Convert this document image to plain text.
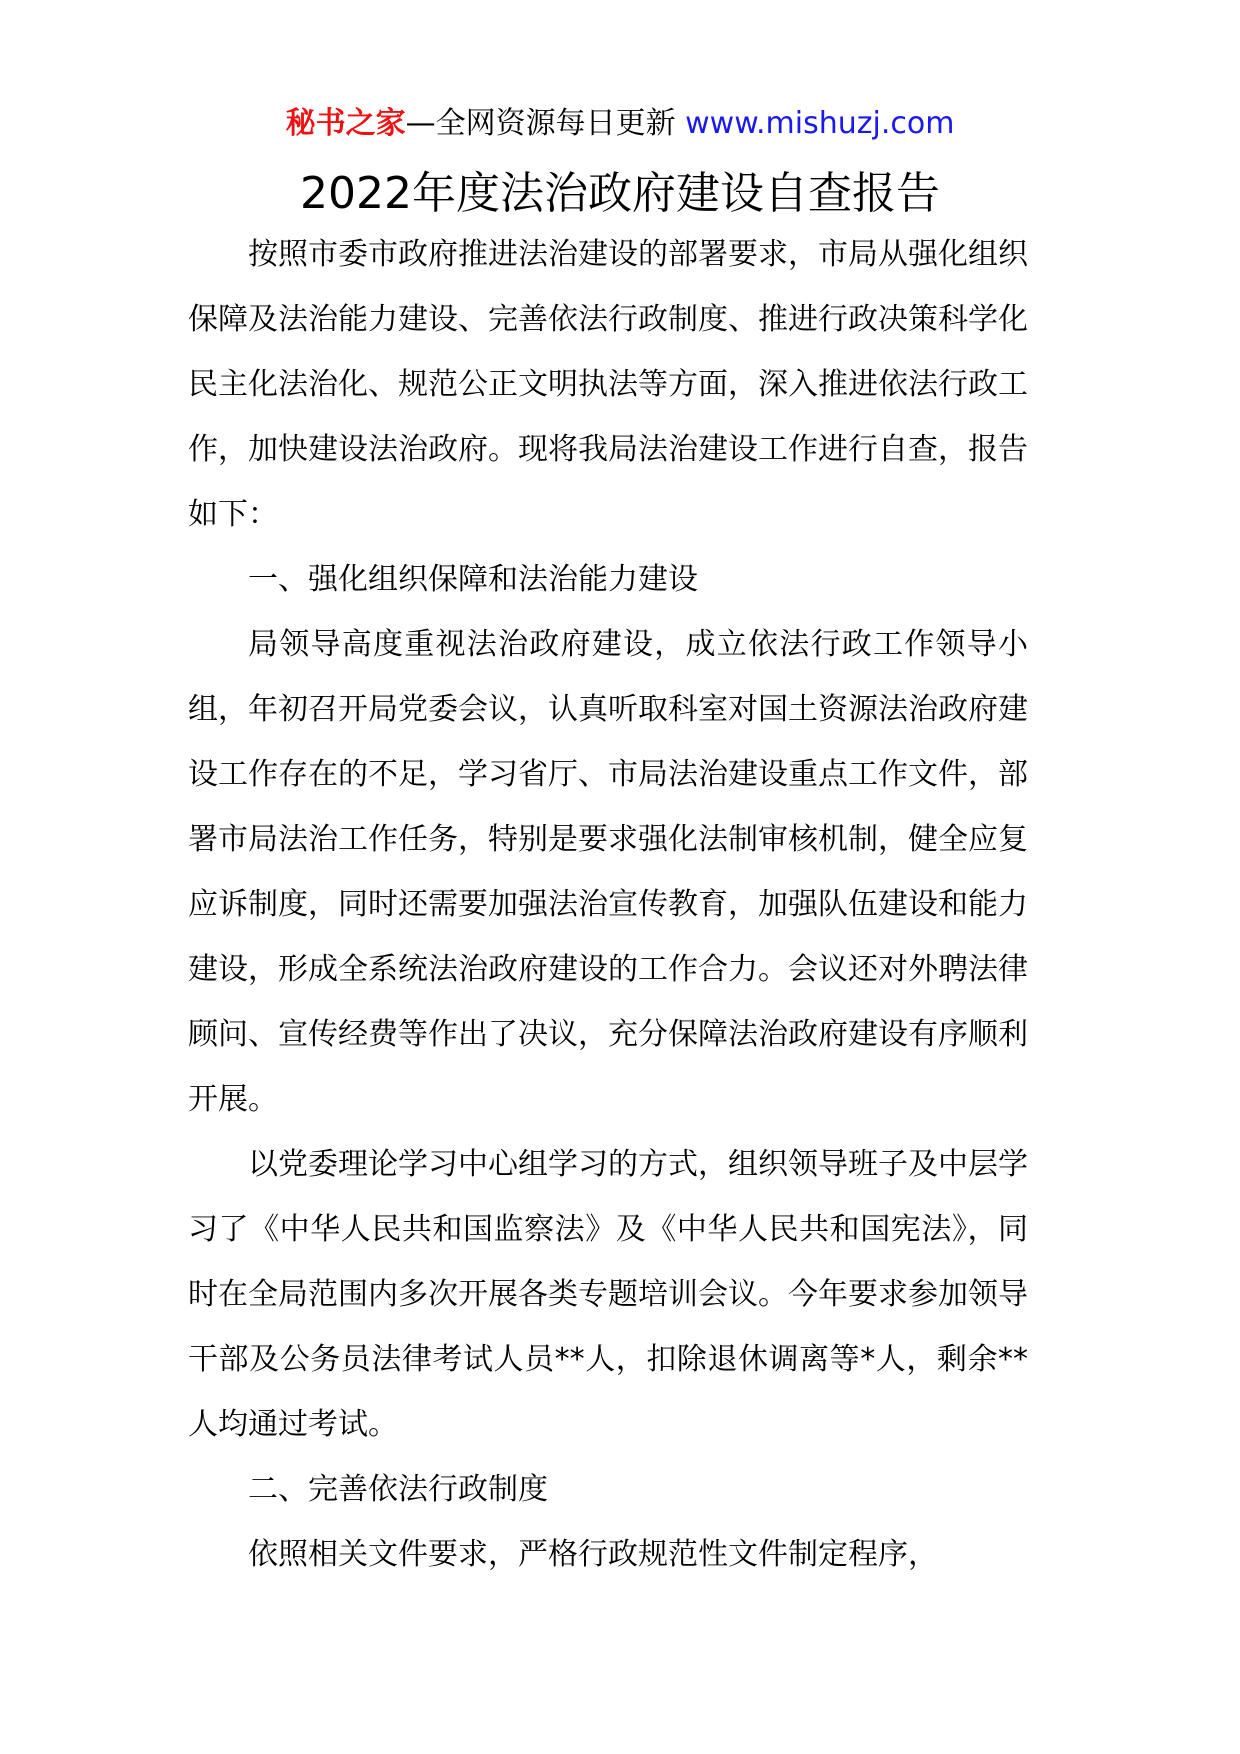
秘书之家—全网资源每日更新 www.mishuzj.com
2022年度法治政府建设自查报告

按照市委市政府推进法治建设的部署要求，市局从强化组织保障及法治能力建设、完善依法行政制度、推进行政决策科学化民主化法治化、规范公正文明执法等方面，深入推进依法行政工作，加快建设法治政府。现将我局法治建设工作进行自查，报告如下：

一、强化组织保障和法治能力建设

局领导高度重视法治政府建设，成立依法行政工作领导小组，年初召开局党委会议，认真听取科室对国土资源法治政府建设工作存在的不足，学习省厅、市局法治建设重点工作文件，部署市局法治工作任务，特别是要求强化法制审核机制，健全应复应诉制度，同时还需要加强法治宣传教育，加强队伍建设和能力建设，形成全系统法治政府建设的工作合力。会议还对外聘法律顾问、宣传经费等作出了决议，充分保障法治政府建设有序顺利开展。

以党委理论学习中心组学习的方式，组织领导班子及中层学习了《中华人民共和国监察法》及《中华人民共和国宪法》，同时在全局范围内多次开展各类专题培训会议。今年要求参加领导干部及公务员法律考试人员**人，扣除退休调离等*人，剩余**人均通过考试。

二、完善依法行政制度

依照相关文件要求，严格行政规范性文件制定程序，
